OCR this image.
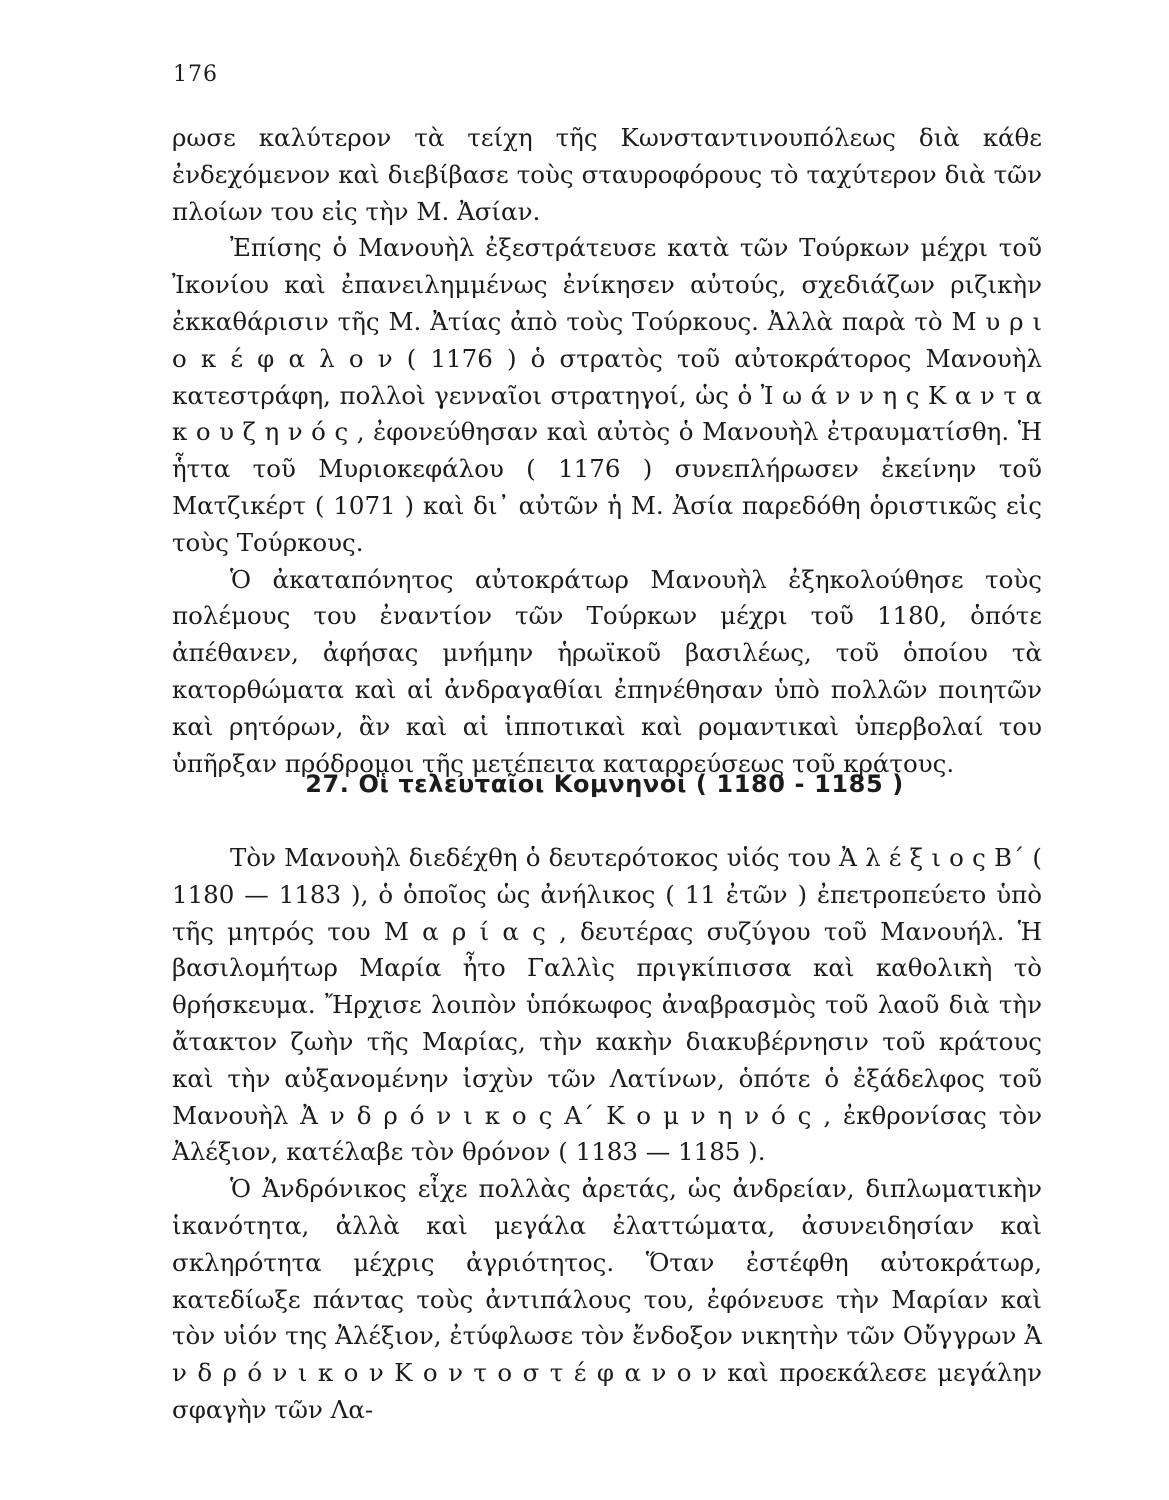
176

ρωσε καλύτερον τὰ τείχη τῆς Κωνσταντινουπόλεως διὰ κάθε ἐνδεχόμενον καὶ διεβίβασε τοὺς σταυροφόρους τὸ ταχύτερον διὰ τῶν πλοίων του εἰς τὴν Μ. Ἀσίαν.

Ἐπίσης ὁ Μανουὴλ ἐξεστράτευσε κατὰ τῶν Τούρκων μέχρι τοῦ Ἰκονίου καὶ ἐπανειλημμένως ἐνίκησεν αὐτούς, σχεδιάζων ριζικὴν ἐκκαθάρισιν τῆς Μ. Ἀτίας ἀπὸ τοὺς Τούρκους. Ἀλλὰ παρὰ τὸ Μ υ ρ ι ο κ έ φ α λ ο ν ( 1176 ) ὁ στρατὸς τοῦ αὐτοκράτορος Μανουὴλ κατεστράφη, πολλοὶ γενναῖοι στρατηγοί, ὡς ὁ Ἰ ω ά ν ν η ς Κ α ν τ α κ ο υ ζ η ν ό ς , ἐφονεύθησαν καὶ αὐτὸς ὁ Μανουὴλ ἐτραυματίσθη. Ἡ ἧττα τοῦ Μυριοκεφάλου ( 1176 ) συνεπλήρωσεν ἐκείνην τοῦ Ματζικέρτ ( 1071 ) καὶ δι᾽ αὐτῶν ἡ Μ. Ἀσία παρεδόθη ὁριστικῶς εἰς τοὺς Τούρκους.

Ὁ ἀκαταπόνητος αὐτοκράτωρ Μανουὴλ ἐξηκολούθησε τοὺς πολέμους του ἐναντίον τῶν Τούρκων μέχρι τοῦ 1180, ὁπότε ἀπέθανεν, ἀφήσας μνήμην ἡρωϊκοῦ βασιλέως, τοῦ ὁποίου τὰ κατορθώματα καὶ αἱ ἀνδραγαθίαι ἐπηνέθησαν ὑπὸ πολλῶν ποιητῶν καὶ ρητόρων, ἂν καὶ αἱ ἱπποτικαὶ καὶ ρομαντικαὶ ὑπερβολαί του ὑπῆρξαν πρόδρομοι τῆς μετέπειτα καταρρεύσεως τοῦ κράτους.

27. Οἱ τελευταῖοι Κομνηνοὶ ( 1180 - 1185 )

Τὸν Μανουὴλ διεδέχθη ὁ δευτερότοκος υἱός του Ἀ λ έ ξ ι ο ς Β΄ ( 1180 — 1183 ), ὁ ὁποῖος ὡς ἀνήλικος ( 11 ἐτῶν ) ἐπετροπεύετο ὑπὸ τῆς μητρός του Μ α ρ ί α ς , δευτέρας συζύγου τοῦ Μανουήλ. Ἡ βασιλομήτωρ Μαρία ἦτο Γαλλὶς πριγκίπισσα καὶ καθολικὴ τὸ θρήσκευμα. Ἤρχισε λοιπὸν ὑπόκωφος ἀναβρασμὸς τοῦ λαοῦ διὰ τὴν ἄτακτον ζωὴν τῆς Μαρίας, τὴν κακὴν διακυβέρνησιν τοῦ κράτους καὶ τὴν αὐξανομένην ἰσχὺν τῶν Λατίνων, ὁπότε ὁ ἐξάδελφος τοῦ Μανουὴλ Ἀ ν δ ρ ό ν ι κ ο ς Α΄ Κ ο μ ν η ν ό ς , ἐκθρονίσας τὸν Ἀλέξιον, κατέλαβε τὸν θρόνον ( 1183 — 1185 ).

Ὁ Ἀνδρόνικος εἶχε πολλὰς ἀρετάς, ὡς ἀνδρείαν, διπλωματικὴν ἱκανότητα, ἀλλὰ καὶ μεγάλα ἐλαττώματα, ἀσυνειδησίαν καὶ σκληρότητα μέχρις ἀγριότητος. Ὅταν ἐστέφθη αὐτοκράτωρ, κατεδίωξε πάντας τοὺς ἀντιπάλους του, ἐφόνευσε τὴν Μαρίαν καὶ τὸν υἱόν της Ἀλέξιον, ἐτύφλωσε τὸν ἔνδοξον νικητὴν τῶν Οὔγγρων Ἀ ν δ ρ ό ν ι κ ο ν Κ ο ν τ ο σ τ έ φ α ν ο ν καὶ προεκάλεσε μεγάλην σφαγὴν τῶν Λα-
